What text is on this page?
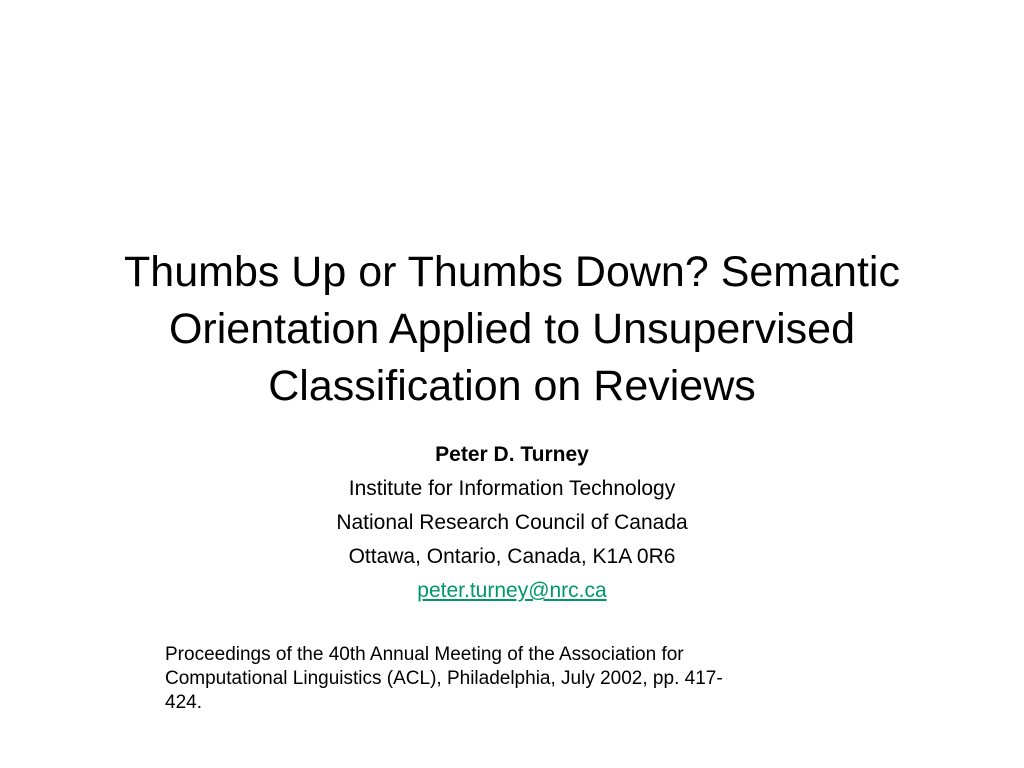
Thumbs Up or Thumbs Down? Semantic
Orientation Applied to Unsupervised
Classification on Reviews
Peter D. Turney
Institute for Information Technology
National Research Council of Canada
Ottawa, Ontario, Canada, K1A 0R6
peter.turney@nrc.ca
Proceedings of the 40th Annual Meeting of the Association for
Computational Linguistics (ACL), Philadelphia, July 2002, pp. 417-
424.
